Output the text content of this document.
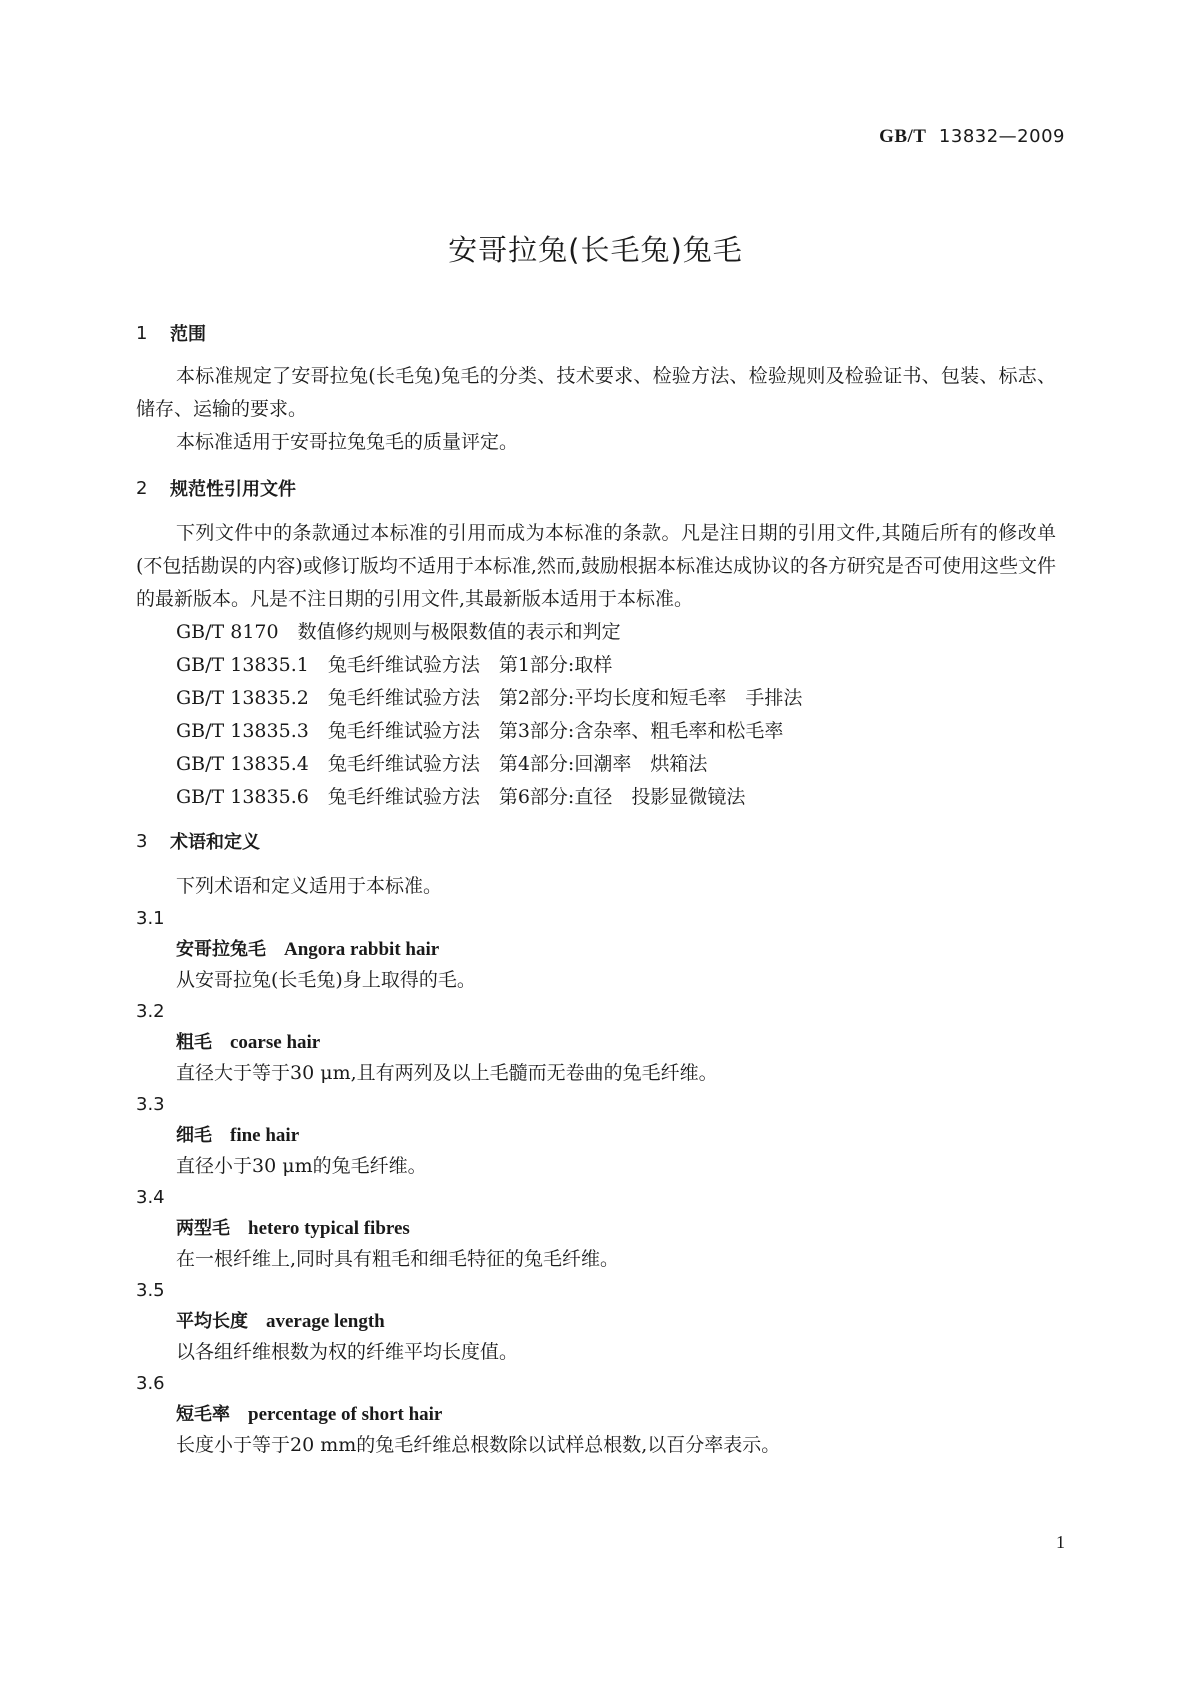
GB/T 13832—2009
安哥拉兔(长毛兔)兔毛
1	范围

本标准规定了安哥拉兔(长毛兔)兔毛的分类、技术要求、检验方法、检验规则及检验证书、包装、标志、储存、运输的要求。

本标准适用于安哥拉兔兔毛的质量评定。

2	规范性引用文件

下列文件中的条款通过本标准的引用而成为本标准的条款。凡是注日期的引用文件,其随后所有的修改单(不包括勘误的内容)或修订版均不适用于本标准,然而,鼓励根据本标准达成协议的各方研究是否可使用这些文件的最新版本。凡是不注日期的引用文件,其最新版本适用于本标准。

GB/T 8170　 数值修约规则与极限数值的表示和判定
GB/T 13835.1　 兔毛纤维试验方法　第1部分:取样
GB/T 13835.2　 兔毛纤维试验方法　第2部分:平均长度和短毛率　手排法
GB/T 13835.3　 兔毛纤维试验方法　第3部分:含杂率、粗毛率和松毛率
GB/T 13835.4　 兔毛纤维试验方法　第4部分:回潮率　烘箱法
GB/T 13835.6　 兔毛纤维试验方法　第6部分:直径　投影显微镜法
3	术语和定义

下列术语和定义适用于本标准。

3.1
安哥拉兔毛 Angora rabbit hair
从安哥拉兔(长毛兔)身上取得的毛。
3.2
粗毛 coarse hair
直径大于等于30 μm,且有两列及以上毛髓而无卷曲的兔毛纤维。
3.3
细毛 fine hair
直径小于30 μm的兔毛纤维。
3.4
两型毛 hetero typical fibres
在一根纤维上,同时具有粗毛和细毛特征的兔毛纤维。
3.5
平均长度 average length
以各组纤维根数为权的纤维平均长度值。
3.6
短毛率 percentage of short hair
长度小于等于20 mm的兔毛纤维总根数除以试样总根数,以百分率表示。
1
